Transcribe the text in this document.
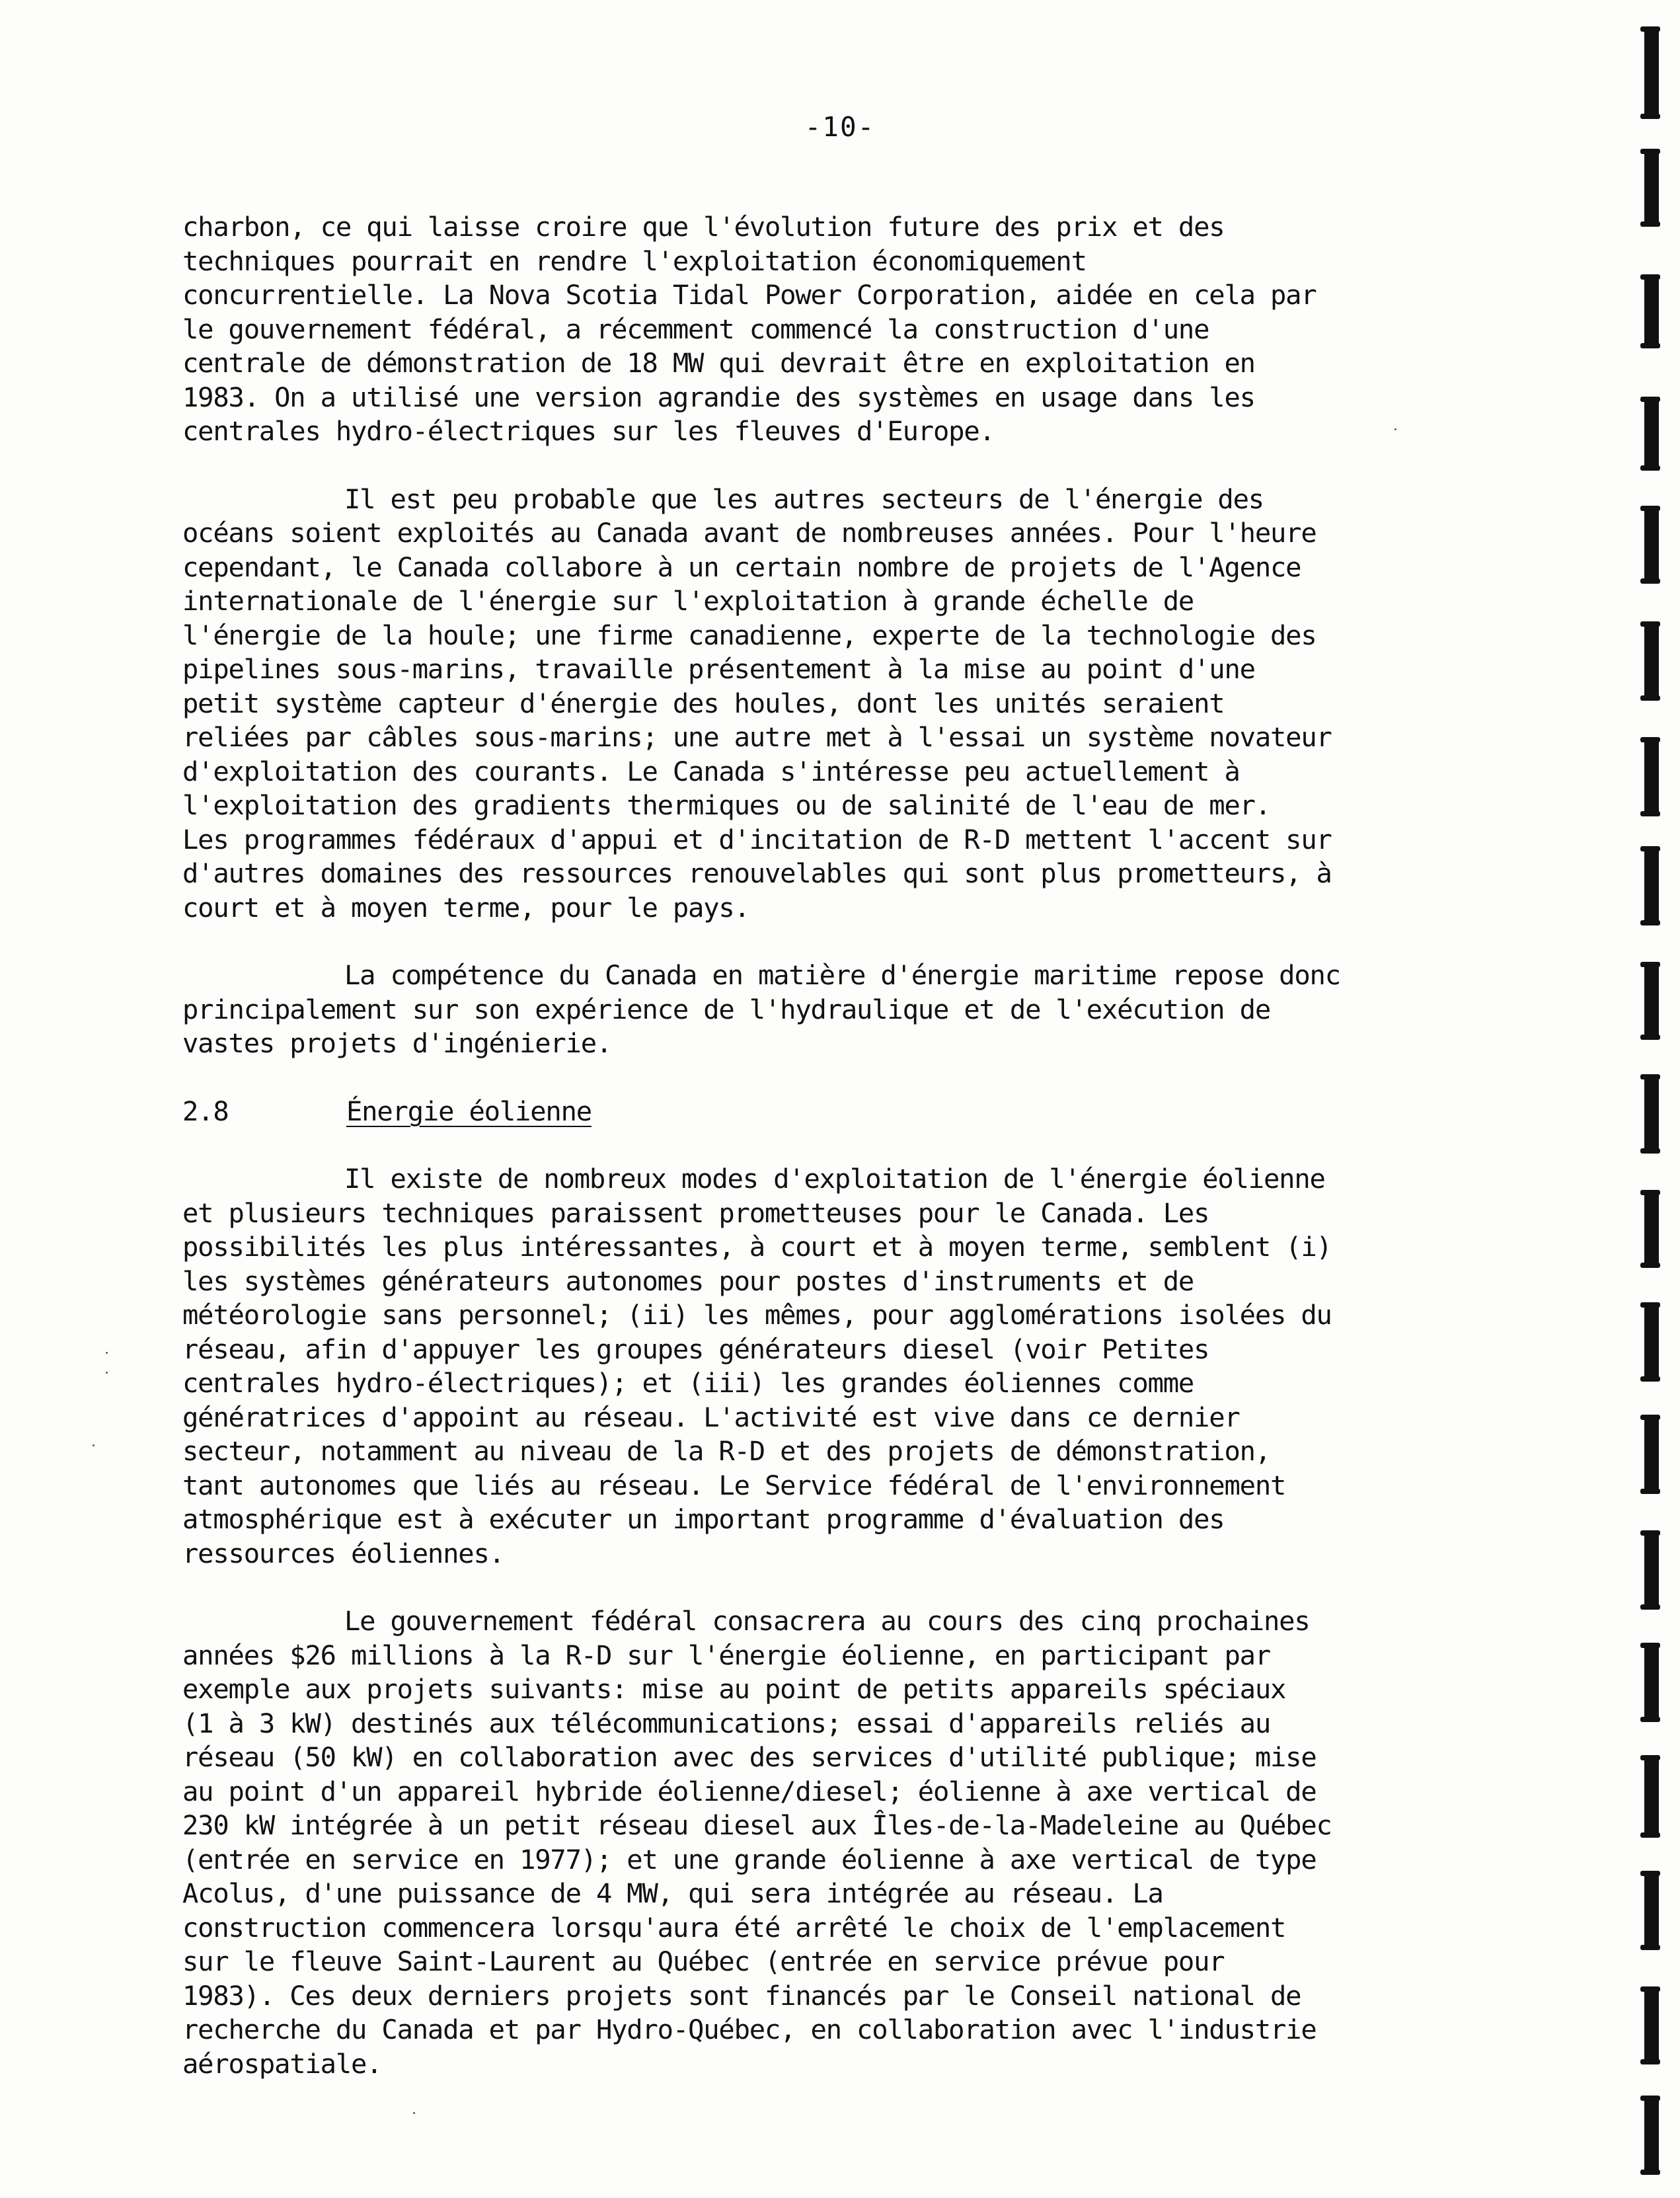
-10-

charbon, ce qui laisse croire que l'évolution future des prix et des
techniques pourrait en rendre l'exploitation économiquement
concurrentielle. La Nova Scotia Tidal Power Corporation, aidée en cela par
le gouvernement fédéral, a récemment commencé la construction d'une
centrale de démonstration de 18 MW qui devrait être en exploitation en
1983. On a utilisé une version agrandie des systèmes en usage dans les
centrales hydro-électriques sur les fleuves d'Europe.

Il est peu probable que les autres secteurs de l'énergie des
océans soient exploités au Canada avant de nombreuses années. Pour l'heure
cependant, le Canada collabore à un certain nombre de projets de l'Agence
internationale de l'énergie sur l'exploitation à grande échelle de
l'énergie de la houle; une firme canadienne, experte de la technologie des
pipelines sous-marins, travaille présentement à la mise au point d'une
petit système capteur d'énergie des houles, dont les unités seraient
reliées par câbles sous-marins; une autre met à l'essai un système novateur
d'exploitation des courants. Le Canada s'intéresse peu actuellement à
l'exploitation des gradients thermiques ou de salinité de l'eau de mer.
Les programmes fédéraux d'appui et d'incitation de R-D mettent l'accent sur
d'autres domaines des ressources renouvelables qui sont plus prometteurs, à
court et à moyen terme, pour le pays.

La compétence du Canada en matière d'énergie maritime repose donc
principalement sur son expérience de l'hydraulique et de l'exécution de
vastes projets d'ingénierie.

2.8	Énergie éolienne

Il existe de nombreux modes d'exploitation de l'énergie éolienne
et plusieurs techniques paraissent prometteuses pour le Canada. Les
possibilités les plus intéressantes, à court et à moyen terme, semblent (i)
les systèmes générateurs autonomes pour postes d'instruments et de
météorologie sans personnel; (ii) les mêmes, pour agglomérations isolées du
réseau, afin d'appuyer les groupes générateurs diesel (voir Petites
centrales hydro-électriques); et (iii) les grandes éoliennes comme
génératrices d'appoint au réseau. L'activité est vive dans ce dernier
secteur, notamment au niveau de la R-D et des projets de démonstration,
tant autonomes que liés au réseau. Le Service fédéral de l'environnement
atmosphérique est à exécuter un important programme d'évaluation des
ressources éoliennes.

Le gouvernement fédéral consacrera au cours des cinq prochaines
années $26 millions à la R-D sur l'énergie éolienne, en participant par
exemple aux projets suivants: mise au point de petits appareils spéciaux
(1 à 3 kW) destinés aux télécommunications; essai d'appareils reliés au
réseau (50 kW) en collaboration avec des services d'utilité publique; mise
au point d'un appareil hybride éolienne/diesel; éolienne à axe vertical de
230 kW intégrée à un petit réseau diesel aux Îles-de-la-Madeleine au Québec
(entrée en service en 1977); et une grande éolienne à axe vertical de type
Acolus, d'une puissance de 4 MW, qui sera intégrée au réseau. La
construction commencera lorsqu'aura été arrêté le choix de l'emplacement
sur le fleuve Saint-Laurent au Québec (entrée en service prévue pour
1983). Ces deux derniers projets sont financés par le Conseil national de
recherche du Canada et par Hydro-Québec, en collaboration avec l'industrie
aérospatiale.
